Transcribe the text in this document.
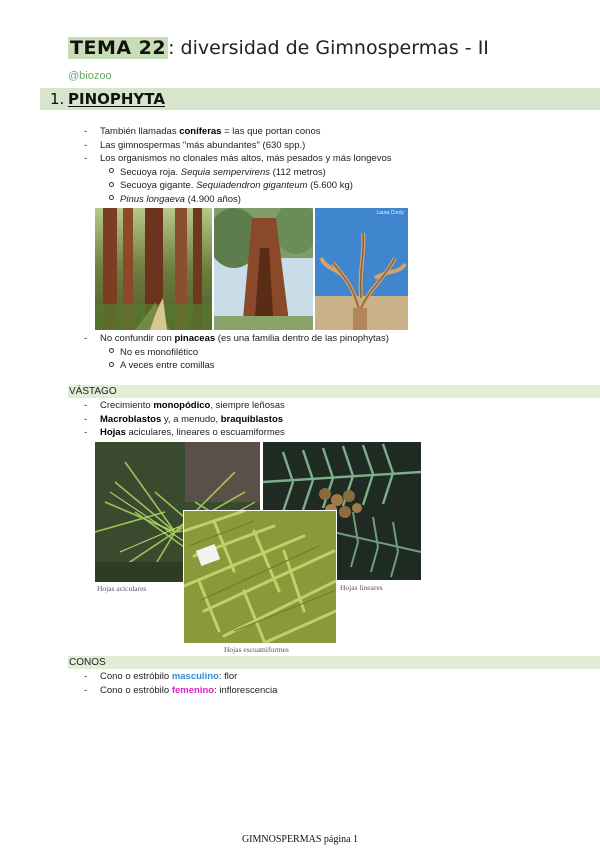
TEMA 22 : diversidad de Gimnospermas - II
@biozoo
1. PINOPHYTA
- También llamadas coníferas = las que portan conos
- Las gimnospermas "más abundantes" (630 spp.)
- Los organismos no clonales más altos, más pesados y más longevos
Secuoya roja. Sequia sempervirens (112 metros)
Secuoya gigante. Sequiadendron giganteum (5.600 kg)
Pinus longaeva (4.900 años)
Laura Cordy
- No confundir con pinaceas (es una familia dentro de las pinophytas)
No es monofilético
A veces entre comillas
VÁSTAGO
- Crecimiento monopódico, siempre leñosas
- Macroblastos y, a menudo, braquiblastos
- Hojas aciculares, lineares o escuamiformes
Hojas aciculares	Hojas lineares
Hojas escuamiformes
CONOS
- Cono o estróbilo masculino: flor
- Cono o estróbilo femenino: inflorescencia
GIMNOSPERMAS página 1
